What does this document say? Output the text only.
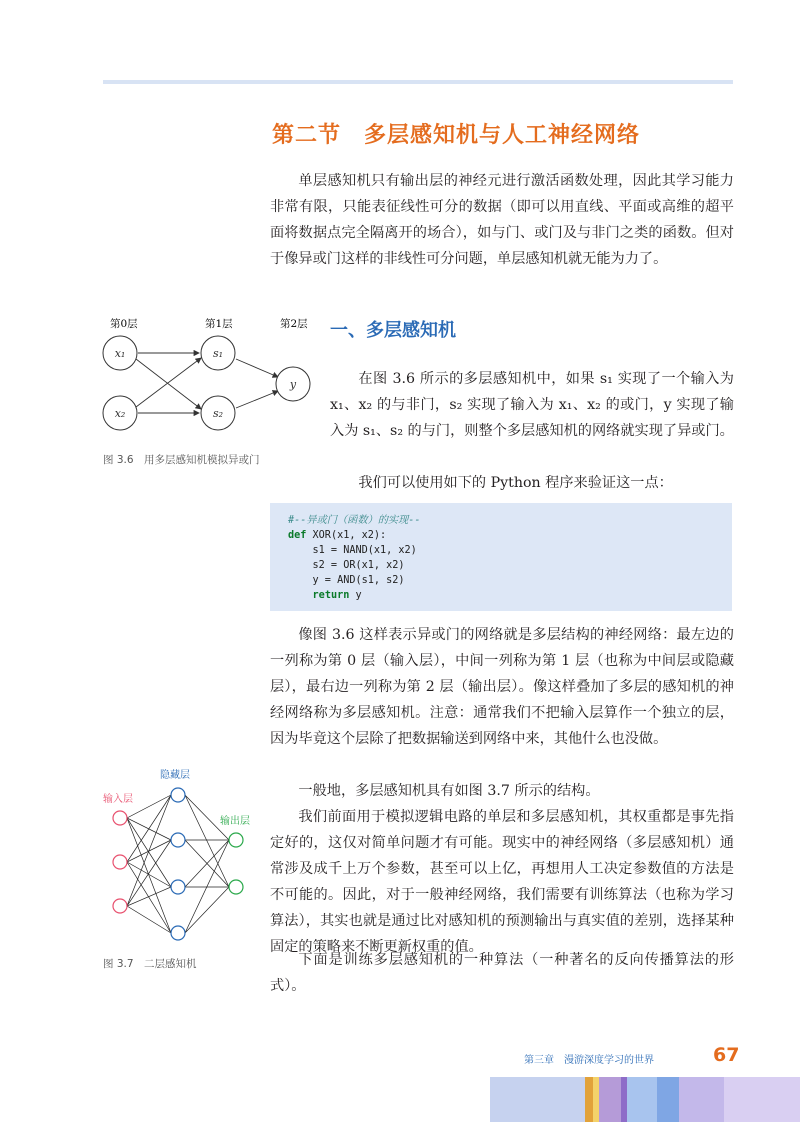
第二节　多层感知机与人工神经网络
单层感知机只有输出层的神经元进行激活函数处理，因此其学习能力非常有限，只能表征线性可分的数据（即可以用直线、平面或高维的超平面将数据点完全隔离开的场合），如与门、或门及与非门之类的函数。但对于像异或门这样的非线性可分问题，单层感知机就无能为力了。
第0层	第1层	第2层
x₁
x₂
s₁
s₂
y
图 3.6　用多层感知机模拟异或门
一、多层感知机
在图 3.6 所示的多层感知机中，如果 s₁ 实现了一个输入为 x₁、x₂ 的与非门，s₂ 实现了输入为 x₁、x₂ 的或门，y 实现了输入为 s₁、s₂ 的与门，则整个多层感知机的网络就实现了异或门。
我们可以使用如下的 Python 程序来验证这一点：
#--异或门（函数）的实现--
def XOR(x1, x2):
s1 = NAND(x1, x2)
s2 = OR(x1, x2)
y = AND(s1, s2)
return y
像图 3.6 这样表示异或门的网络就是多层结构的神经网络：最左边的一列称为第 0 层（输入层），中间一列称为第 1 层（也称为中间层或隐藏层），最右边一列称为第 2 层（输出层）。像这样叠加了多层的感知机的神经网络称为多层感知机。注意：通常我们不把输入层算作一个独立的层，因为毕竟这个层除了把数据输送到网络中来，其他什么也没做。
一般地，多层感知机具有如图 3.7 所示的结构。
我们前面用于模拟逻辑电路的单层和多层感知机，其权重都是事先指定好的，这仅对简单问题才有可能。现实中的神经网络（多层感知机）通常涉及成千上万个参数，甚至可以上亿，再想用人工决定参数值的方法是不可能的。因此，对于一般神经网络，我们需要有训练算法（也称为学习算法），其实也就是通过比对感知机的预测输出与真实值的差别，选择某种固定的策略来不断更新权重的值。
下面是训练多层感知机的一种算法（一种著名的反向传播算法的形式）。
隐藏层
输入层
输出层
图 3.7　二层感知机
第三章　漫游深度学习的世界	67
